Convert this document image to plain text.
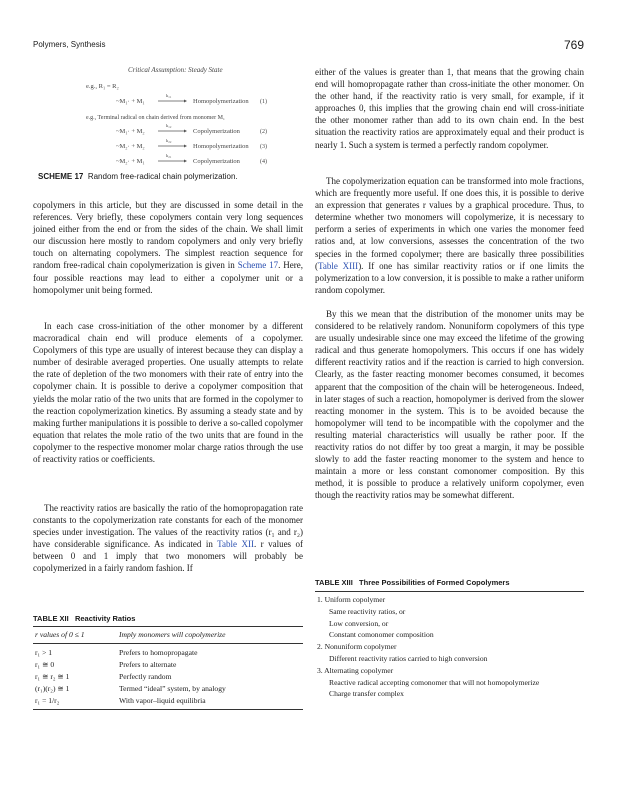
Polymers, Synthesis	769
Critical Assumption: Steady State
e.g., R₁ = R₂
~M₁· + M₁
k₁₁
Homopolymerization (1)
e.g., Terminal radical on chain derived from monomer M₁
~M₁· + M₂
k₁₂
Copolymerization	(2)
~M₂· + M₂
k₂₂
Homopolymerization (3)
~M₂· + M₁
k₂₁
Copolymerization	(4)
SCHEME 17 Random free-radical chain polymerization.

copolymers in this article, but they are discussed in some detail in the references. Very briefly, these copolymers contain very long sequences joined either from the end or from the sides of the chain. We shall limit our discussion here mostly to random copolymers and only very briefly touch on alternating copolymers. The simplest reaction sequence for random free-radical chain copolymerization is given in Scheme 17. Here, four possible reactions may lead to either a copolymer unit or a homopolymer unit being formed.

In each case cross-initiation of the other monomer by a different macroradical chain end will produce elements of a copolymer. Copolymers of this type are usually of interest because they can display a number of desirable averaged properties. One usually attempts to relate the rate of depletion of the two monomers with their rate of entry into the copolymer chain. It is possible to derive a copolymer composition that yields the molar ratio of the two units that are formed in the copolymer to the reaction copolymerization kinetics. By assuming a steady state and by making further manipulations it is possible to derive a so-called copolymer equation that relates the mole ratio of the two units that are found in the copolymer to the respective monomer molar charge ratios through the use of reactivity ratios or coefficients.

The reactivity ratios are basically the ratio of the homopropagation rate constants to the copolymerization rate constants for each of the monomer species under investigation. The values of the reactivity ratios (r₁ and r₂) have considerable significance. As indicated in Table XII. r values of between 0 and 1 imply that two monomers will probably be copolymerized in a fairly random fashion. If

TABLE XII Reactivity Ratios
r values of 0 ≤ 1	Imply monomers will copolymerize
r₁ > 1	Prefers to homopropagate
r₁ ≅ 0	Prefers to alternate
r₁ ≅ r₂ ≅ 1	Perfectly random
(r₁)(r₂) ≅ 1	Termed “ideal” system, by analogy
r₁ = 1/r₂	With vapor–liquid equilibria

either of the values is greater than 1, that means that the growing chain end will homopropagate rather than cross-initiate the other monomer. On the other hand, if the reactivity ratio is very small, for example, if it approaches 0, this implies that the growing chain end will cross-initiate the other monomer rather than add to its own chain end. In the best situation the reactivity ratios are approximately equal and their product is nearly 1. Such a system is termed a perfectly random copolymer.

The copolymerization equation can be transformed into mole fractions, which are frequently more useful. If one does this, it is possible to derive an expression that generates r values by a graphical procedure. Thus, to determine whether two monomers will copolymerize, it is necessary to perform a series of experiments in which one varies the monomer feed ratios and, at low conversions, assesses the concentration of the two species in the formed copolymer; there are basically three possibilities (Table XIII). If one has similar reactivity ratios or if one limits the polymerization to a low conversion, it is possible to make a rather uniform random copolymer.

By this we mean that the distribution of the monomer units may be considered to be relatively random. Nonuniform copolymers of this type are usually undesirable since one may exceed the lifetime of the growing radical and thus generate homopolymers. This occurs if one has widely different reactivity ratios and if the reaction is carried to high conversion. Clearly, as the faster reacting monomer becomes consumed, it becomes apparent that the composition of the chain will be heterogeneous. Indeed, in later stages of such a reaction, homopolymer is derived from the slower reacting monomer in the system. This is to be avoided because the homopolymer will tend to be incompatible with the copolymer and the resulting material characteristics will usually be rather poor. If the reactivity ratios do not differ by too great a margin, it may be possible slowly to add the faster reacting monomer to the system and hence to maintain a more or less constant comonomer composition. By this method, it is possible to produce a relatively uniform copolymer, even though the reactivity ratios may be somewhat different.

TABLE XIII Three Possibilities of Formed Copolymers
1. Uniform copolymer
Same reactivity ratios, or
Low conversion, or
Constant comonomer composition
2. Nonuniform copolymer
Different reactivity ratios carried to high conversion
3. Alternating copolymer
Reactive radical accepting comonomer that will not homopolymerize
Charge transfer complex
